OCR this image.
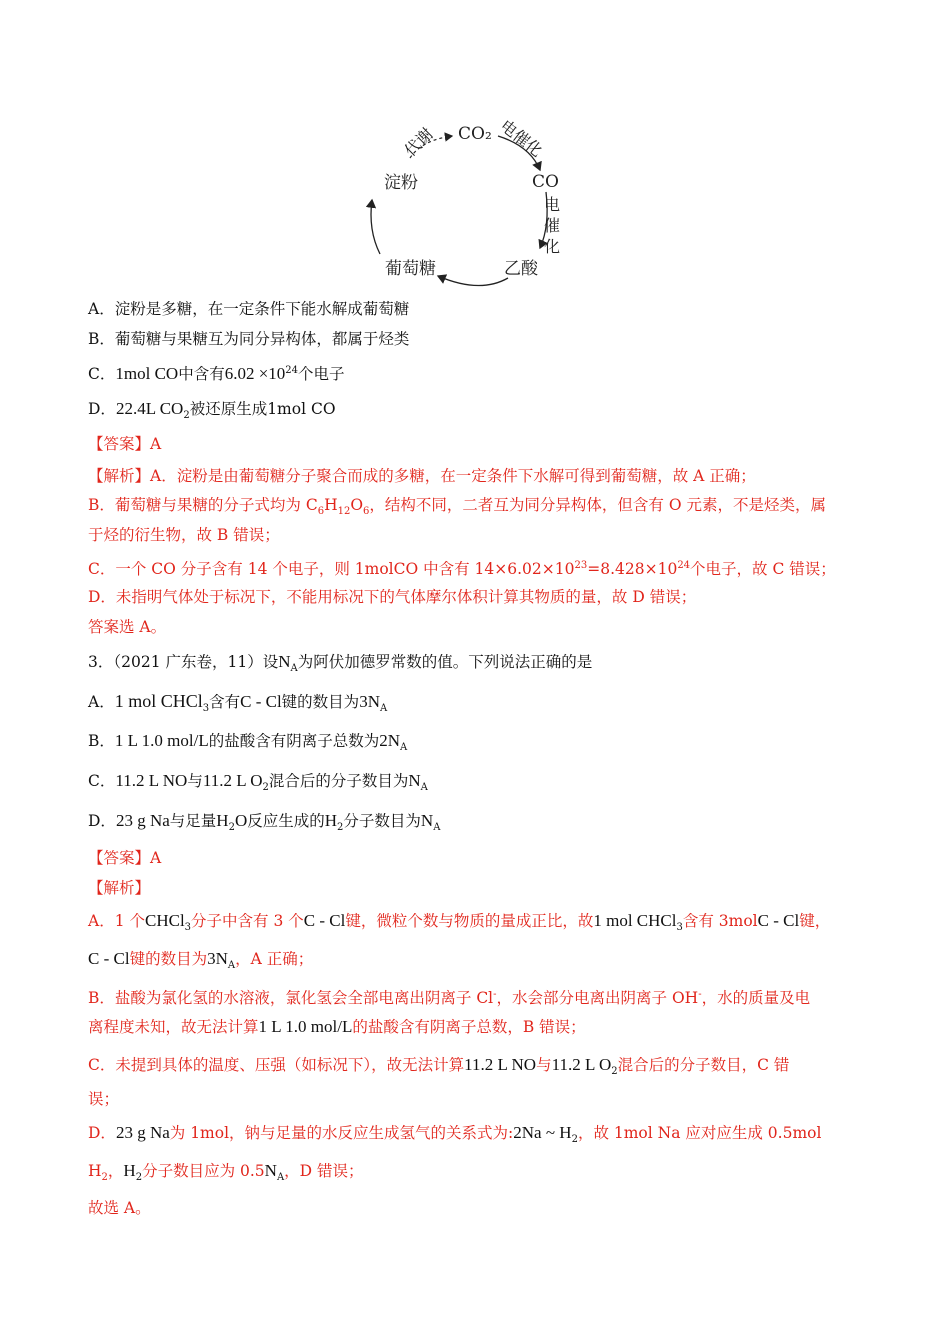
CO₂
CO
乙酸
葡萄糖
淀粉
代谢	电催化
电催化
A．淀粉是多糖，在一定条件下能水解成葡萄糖
B．葡萄糖与果糖互为同分异构体，都属于烃类
C．1mol CO中含有$6.02 \times 10^{24}$个电子
D．22.4L $CO_2$被还原生成1mol CO
【答案】A
【解析】A．淀粉是由葡萄糖分子聚合而成的多糖，在一定条件下水解可得到葡萄糖，故 A 正确；
B．葡萄糖与果糖的分子式均为 $C_6H_{12}O_6$，结构不同，二者互为同分异构体，但含有 O 元素，不是烃类，属
于烃的衍生物，故 B 错误；
C．一个 CO 分子含有 14 个电子，则 1molCO 中含有 $14\times 6.02\times 10^{23}=8.428\times 10^{24}$个电子，故 C 错误；
D．未指明气体处于标况下，不能用标况下的气体摩尔体积计算其物质的量，故 D 错误；
答案选 A。
3．（2021 广东卷，11）设$N_A$为阿伏加德罗常数的值。下列说法正确的是
A．1 mol CHCl$_3$含有C - Cl键的数目为$3N_A$
B．1 L 1.0 mol/L的盐酸含有阴离子总数为$2N_A$
C．11.2 L NO与11.2 L $O_2$混合后的分子数目为$N_A$
D．23 g Na与足量$H_2O$反应生成的$H_2$分子数目为$N_A$
【答案】A
【解析】
A．1 个CHCl$_3$分子中含有 3 个C - Cl键，微粒个数与物质的量成正比，故1 mol CHCl$_3$含有 3molC - Cl键，
C - Cl键的数目为$3N_A$，A 正确；
B．盐酸为氯化氢的水溶液，氯化氢会全部电离出阴离子 Cl-，水会部分电离出阴离子 OH-，水的质量及电
离程度未知，故无法计算1 L 1.0 mol/L的盐酸含有阴离子总数，B 错误；
C．未提到具体的温度、压强（如标况下），故无法计算11.2 L NO与11.2 L $O_2$混合后的分子数目，C 错
误；
D．23 g Na为 1mol，钠与足量的水反应生成氢气的关系式为:2Na ~ $H_2$，故 1mol Na 应对应生成 0.5mol
$H_2$，$H_2$分子数目应为 $0.5N_A$，D 错误；
故选 A。
